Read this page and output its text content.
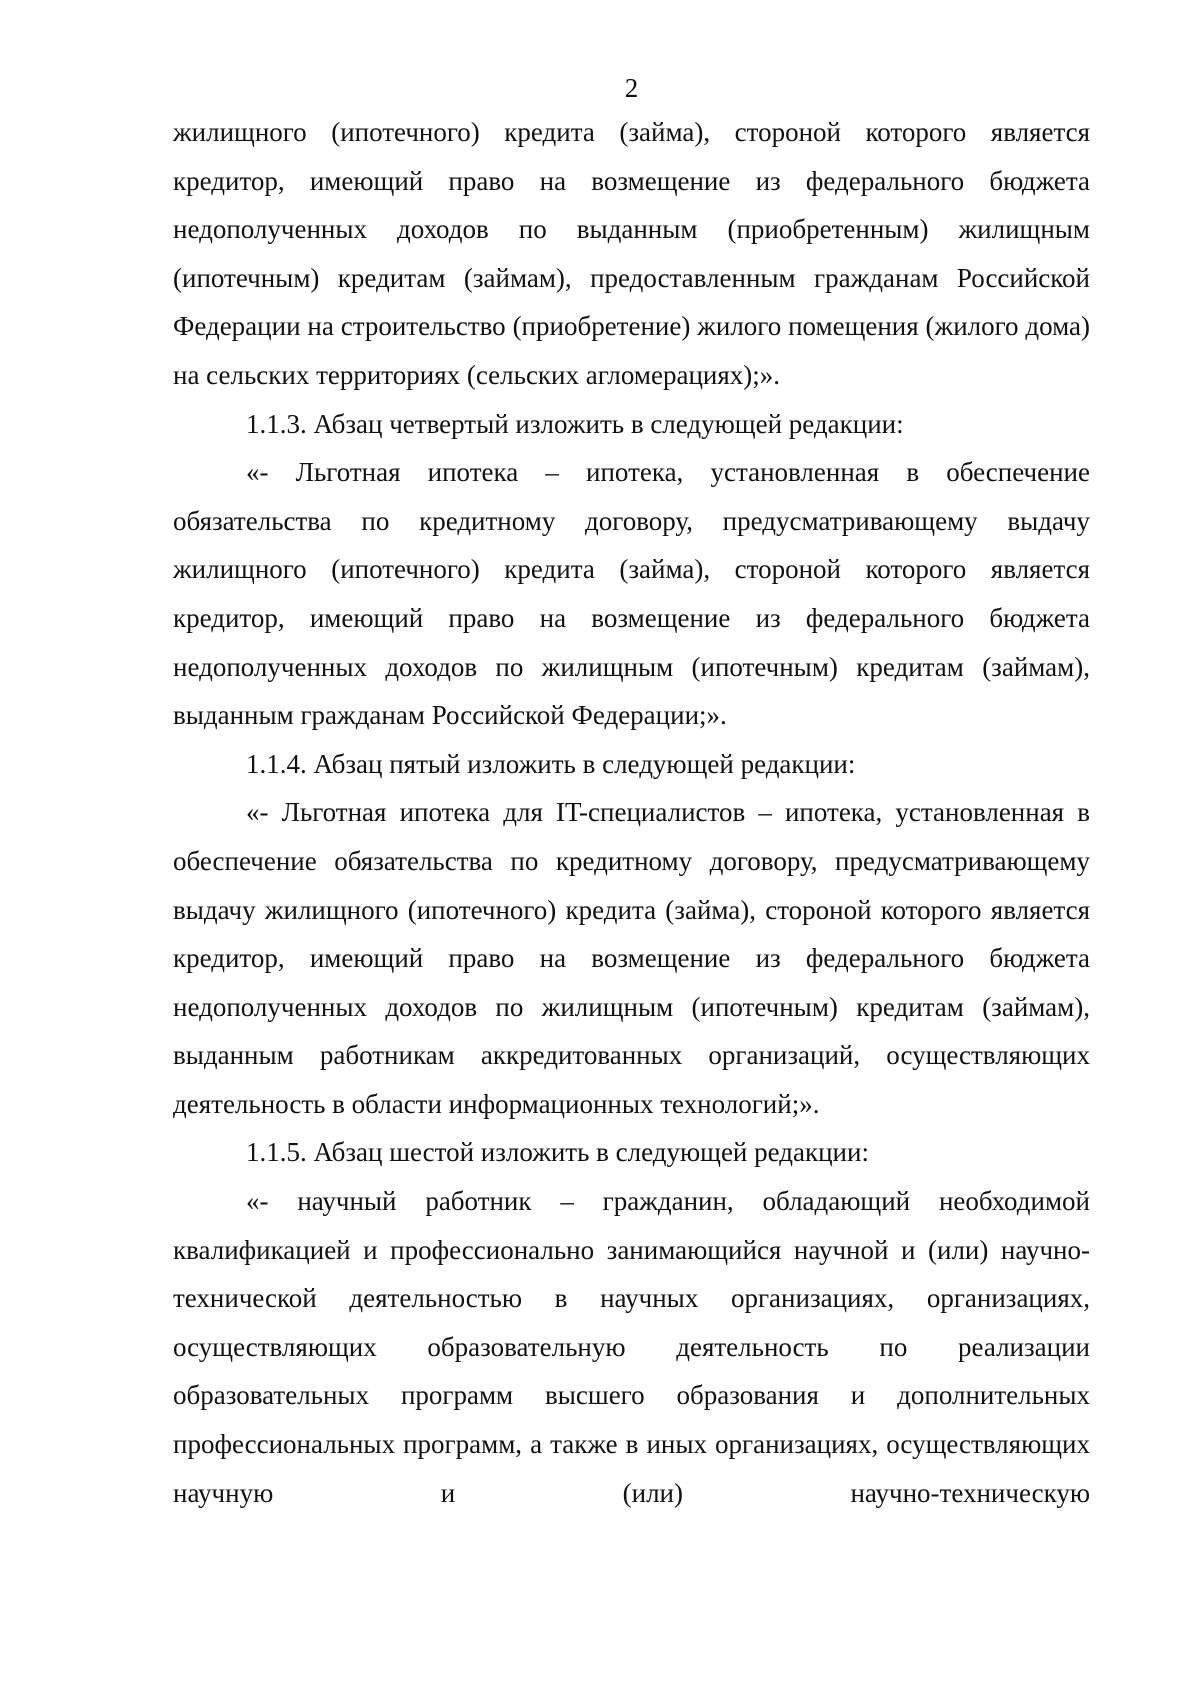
2

жилищного (ипотечного) кредита (займа), стороной которого является кредитор, имеющий право на возмещение из федерального бюджета недополученных доходов по выданным (приобретенным) жилищным (ипотечным) кредитам (займам), предоставленным гражданам Российской Федерации на строительство (приобретение) жилого помещения (жилого дома) на сельских территориях (сельских агломерациях);».

1.1.3. Абзац четвертый изложить в следующей редакции:

«- Льготная ипотека – ипотека, установленная в обеспечение обязательства по кредитному договору, предусматривающему выдачу жилищного (ипотечного) кредита (займа), стороной которого является кредитор, имеющий право на возмещение из федерального бюджета недополученных доходов по жилищным (ипотечным) кредитам (займам), выданным гражданам Российской Федерации;».

1.1.4. Абзац пятый изложить в следующей редакции:

«- Льготная ипотека для IT-специалистов – ипотека, установленная в обеспечение обязательства по кредитному договору, предусматривающему выдачу жилищного (ипотечного) кредита (займа), стороной которого является кредитор, имеющий право на возмещение из федерального бюджета недополученных доходов по жилищным (ипотечным) кредитам (займам), выданным работникам аккредитованных организаций, осуществляющих деятельность в области информационных технологий;».

1.1.5. Абзац шестой изложить в следующей редакции:

«- научный работник – гражданин, обладающий необходимой квалификацией и профессионально занимающийся научной и (или) научно-технической деятельностью в научных организациях, организациях, осуществляющих образовательную деятельность по реализации образовательных программ высшего образования и дополнительных профессиональных программ, а также в иных организациях, осуществляющих научную и (или) научно-техническую
